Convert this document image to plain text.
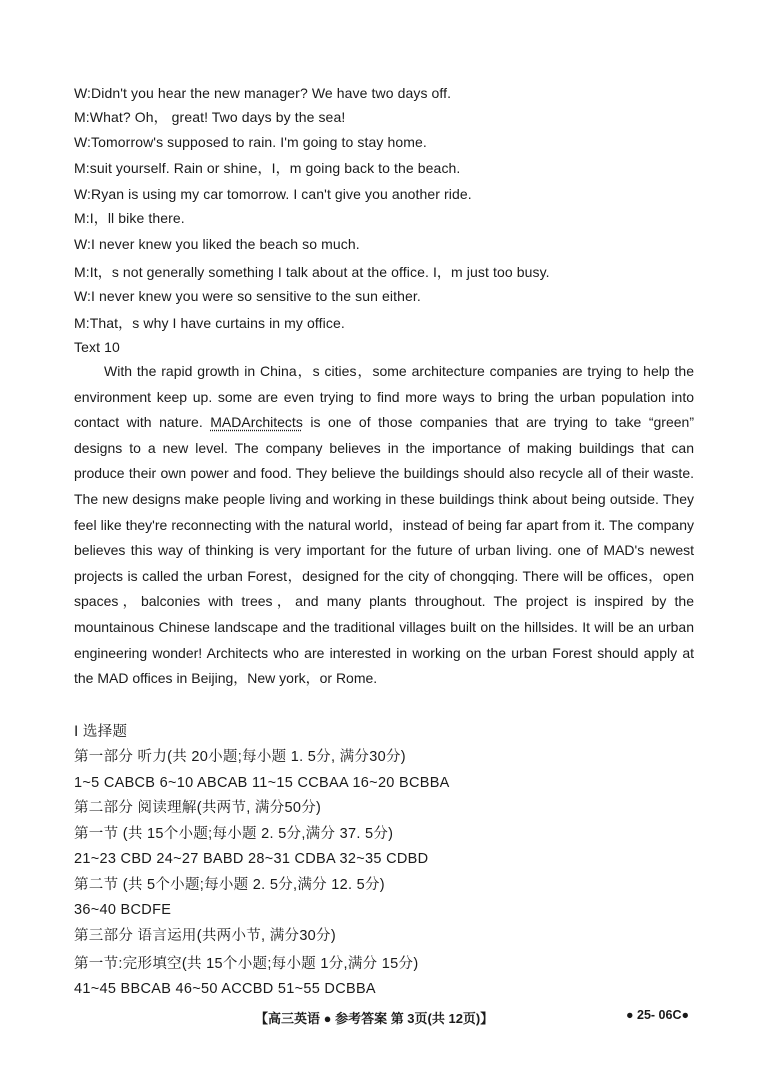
W:Didn't you hear the new manager? We have two days off.
M:What? Oh， great! Two days by the sea!
W:Tomorrow's supposed to rain. I'm going to stay home.
M:suit yourself. Rain or shine，I，m going back to the beach.
W:Ryan is using my car tomorrow. I can't give you another ride.
M:I，ll bike there.
W:I never knew you liked the beach so much.
M:It，s not generally something I talk about at the office. I，m just too busy.
W:I never knew you were so sensitive to the sun either.
M:That，s why I have curtains in my office.
Text 10
With the rapid growth in China，s cities，some architecture companies are trying to help the environment keep up. some are even trying to find more ways to bring the urban population into contact with nature. MADArchitects is one of those companies that are trying to take “green” designs to a new level. The company believes in the importance of making buildings that can produce their own power and food. They believe the buildings should also recycle all of their waste. The new designs make people living and working in these buildings think about being outside. They feel like they're reconnecting with the natural world，instead of being far apart from it. The company believes this way of thinking is very important for the future of urban living. one of MAD's newest projects is called the urban Forest，designed for the city of chongqing. There will be offices，open spaces，balconies with trees，and many plants throughout. The project is inspired by the mountainous Chinese landscape and the traditional villages built on the hillsides. It will be an urban engineering wonder! Architects who are interested in working on the urban Forest should apply at the MAD offices in Beijing，New york，or Rome.
Ⅰ 选择题
第一部分 听力(共 20小题;每小题 1. 5分, 满分30分)
1~5 CABCB 6~10 ABCAB 11~15 CCBAA 16~20 BCBBA
第二部分 阅读理解(共两节, 满分50分)
第一节 (共 15个小题;每小题 2. 5分,满分 37. 5分)
21~23 CBD 24~27 BABD 28~31 CDBA 32~35 CDBD
第二节 (共 5个小题;每小题 2. 5分,满分 12. 5分)
36~40 BCDFE
第三部分 语言运用(共两小节, 满分30分)
第一节:完形填空(共 15个小题;每小题 1分,满分 15分)
41~45 BBCAB 46~50 ACCBD 51~55 DCBBA
【高三英语 ● 参考答案 第 3页(共 12页)】	● 25- 06C●
